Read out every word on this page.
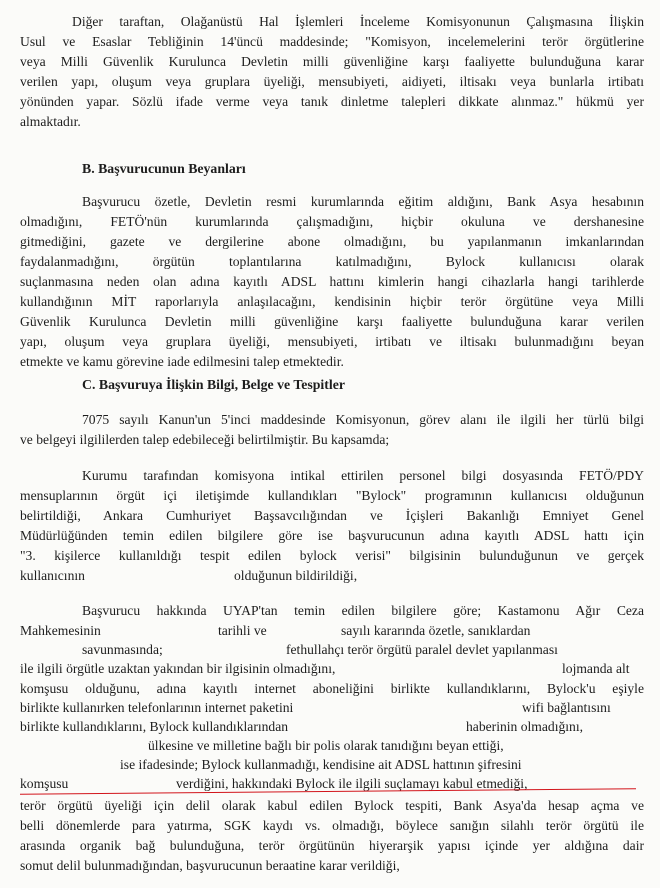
Diğer taraftan, Olağanüstü Hal İşlemleri İnceleme Komisyonunun Çalışmasına İlişkin
Usul ve Esaslar Tebliğinin 14'üncü maddesinde; "Komisyon, incelemelerini terör örgütlerine
veya Milli Güvenlik Kurulunca Devletin milli güvenliğine karşı faaliyette bulunduğuna karar
verilen yapı, oluşum veya gruplara üyeliği, mensubiyeti, aidiyeti, iltisakı veya bunlarla irtibatı
yönünden yapar. Sözlü ifade verme veya tanık dinletme talepleri dikkate alınmaz." hükmü yer
almaktadır.
B. Başvurucunun Beyanları
Başvurucu özetle, Devletin resmi kurumlarında eğitim aldığını, Bank Asya hesabının
olmadığını, FETÖ'nün kurumlarında çalışmadığını, hiçbir okuluna ve dershanesine
gitmediğini, gazete ve dergilerine abone olmadığını, bu yapılanmanın imkanlarından
faydalanmadığını, örgütün toplantılarına katılmadığını, Bylock kullanıcısı olarak
suçlanmasına neden olan adına kayıtlı ADSL hattını kimlerin hangi cihazlarla hangi tarihlerde
kullandığının MİT raporlarıyla anlaşılacağını, kendisinin hiçbir terör örgütüne veya Milli
Güvenlik Kurulunca Devletin milli güvenliğine karşı faaliyette bulunduğuna karar verilen
yapı, oluşum veya gruplara üyeliği, mensubiyeti, irtibatı ve iltisakı bulunmadığını beyan
etmekte ve kamu görevine iade edilmesini talep etmektedir.
C. Başvuruya İlişkin Bilgi, Belge ve Tespitler
7075 sayılı Kanun'un 5'inci maddesinde Komisyonun, görev alanı ile ilgili her türlü bilgi
ve belgeyi ilgililerden talep edebileceği belirtilmiştir. Bu kapsamda;
Kurumu tarafından komisyona intikal ettirilen personel bilgi dosyasında FETÖ/PDY
mensuplarının örgüt içi iletişimde kullandıkları "Bylock" programının kullanıcısı olduğunun
belirtildiği, Ankara Cumhuriyet Başsavcılığından ve İçişleri Bakanlığı Emniyet Genel
Müdürlüğünden temin edilen bilgilere göre ise başvurucunun adına kayıtlı ADSL hattı için
"3. kişilerce kullanıldığı tespit edilen bylock verisi" bilgisinin bulunduğunun ve gerçek
kullanıcının	olduğunun bildirildiği,
Başvurucu hakkında UYAP'tan temin edilen bilgilere göre; Kastamonu Ağır Ceza
Mahkemesinin	tarihli ve	sayılı kararında özetle, sanıklardan
savunmasında;	fethullahçı terör örgütü paralel devlet yapılanması
ile ilgili örgütle uzaktan yakından bir ilgisinin olmadığını,	lojmanda alt
komşusu olduğunu, adına kayıtlı internet aboneliğini birlikte kullandıklarını, Bylock'u eşiyle
birlikte kullanırken telefonlarının internet paketini	wifi bağlantısını
birlikte kullandıklarını, Bylock kullandıklarından	haberinin olmadığını,
ülkesine ve milletine bağlı bir polis olarak tanıdığını beyan ettiği,
ise ifadesinde; Bylock kullanmadığı, kendisine ait ADSL hattının şifresini
komşusu	verdiğini, hakkındaki Bylock ile ilgili suçlamayı kabul etmediği,
terör örgütü üyeliği için delil olarak kabul edilen Bylock tespiti, Bank Asya'da hesap açma ve
belli dönemlerde para yatırma, SGK kaydı vs. olmadığı, böylece sanığın silahlı terör örgütü ile
arasında organik bağ bulunduğuna, terör örgütünün hiyerarşik yapısı içinde yer aldığına dair
somut delil bulunmadığından, başvurucunun beraatine karar verildiği,
